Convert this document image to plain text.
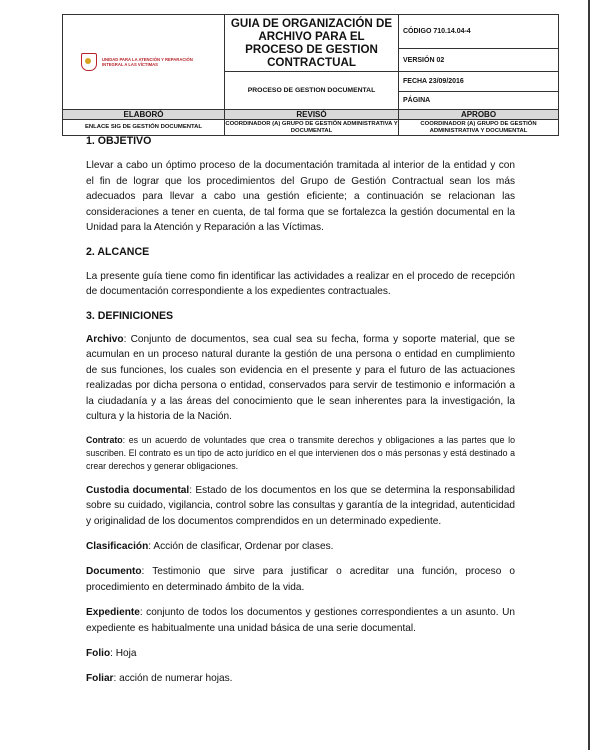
UNIDAD PARA LA ATENCIÓN Y REPARACIÓN INTEGRAL A LAS VÍCTIMAS	GUIA DE ORGANIZACIÓN DE ARCHIVO PARA EL PROCESO DE GESTION CONTRACTUAL	CÓDIGO 710.14.04-4
		VERSIÓN 02
	PROCESO DE GESTION DOCUMENTAL	FECHA 23/09/2016
		PÁGINA
ELABORÓ	REVISÓ	APROBO
ENLACE SIG DE GESTIÓN DOCUMENTAL	COORDINADOR (A) GRUPO DE GESTIÓN ADMINISTRATIVA Y DOCUMENTAL	COORDINADOR (A) GRUPO DE GESTIÓN ADMINISTRATIVA Y DOCUMENTAL
1. OBJETIVO

Llevar a cabo un óptimo proceso de la documentación tramitada al interior de la entidad y con el fin de lograr que los procedimientos del Grupo de Gestión Contractual sean los más adecuados para llevar a cabo una gestión eficiente; a continuación se relacionan las consideraciones a tener en cuenta, de tal forma que se fortalezca la gestión documental en la Unidad para la Atención y Reparación a las Víctimas.

2. ALCANCE

La presente guía tiene como fin identificar las actividades a realizar en el procedo de recepción de documentación correspondiente a los expedientes contractuales.

3. DEFINICIONES

Archivo: Conjunto de documentos, sea cual sea su fecha, forma y soporte material, que se acumulan en un proceso natural durante la gestión de una persona o entidad en cumplimiento de sus funciones, los cuales son evidencia en el presente y para el futuro de las actuaciones realizadas por dicha persona o entidad, conservados para servir de testimonio e información a la ciudadanía y a las áreas del conocimiento que le sean inherentes para la investigación, la cultura y la historia de la Nación.

Contrato: es un acuerdo de voluntades que crea o transmite derechos y obligaciones a las partes que lo suscriben. El contrato es un tipo de acto jurídico en el que intervienen dos o más personas y está destinado a crear derechos y generar obligaciones.

Custodia documental: Estado de los documentos en los que se determina la responsabilidad sobre su cuidado, vigilancia, control sobre las consultas y garantía de la integridad, autenticidad y originalidad de los documentos comprendidos en un determinado expediente.

Clasificación: Acción de clasificar, Ordenar por clases.

Documento: Testimonio que sirve para justificar o acreditar una función, proceso o procedimiento en determinado ámbito de la vida.

Expediente: conjunto de todos los documentos y gestiones correspondientes a un asunto. Un expediente es habitualmente una unidad básica de una serie documental.

Folio: Hoja

Foliar: acción de numerar hojas.
